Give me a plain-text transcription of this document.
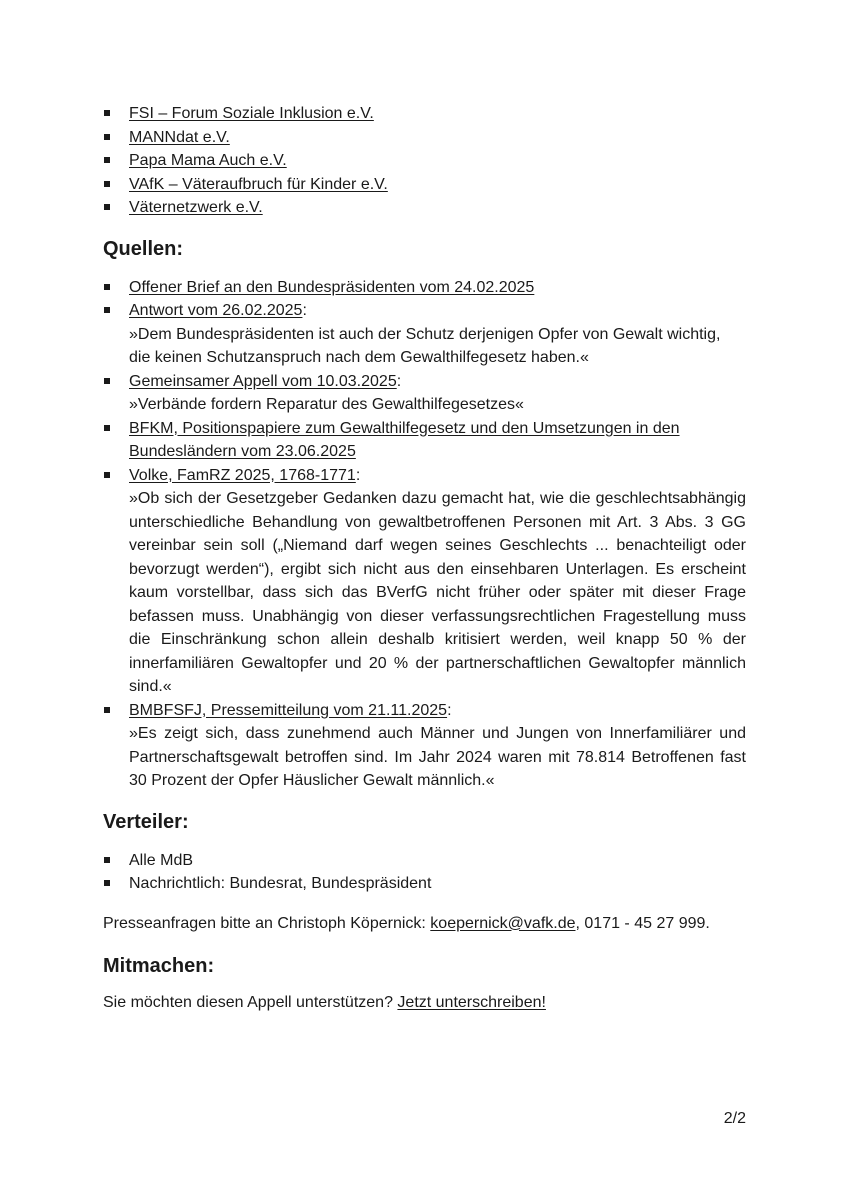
FSI – Forum Soziale Inklusion e.V.
MANNdat e.V.
Papa Mama Auch e.V.
VAfK – Väteraufbruch für Kinder e.V.
Väternetzwerk e.V.
Quellen:
Offener Brief an den Bundespräsidenten vom 24.02.2025
Antwort vom 26.02.2025:
»Dem Bundespräsidenten ist auch der Schutz derjenigen Opfer von Gewalt wichtig, die keinen Schutzanspruch nach dem Gewalthilfegesetz haben.«
Gemeinsamer Appell vom 10.03.2025:
»Verbände fordern Reparatur des Gewalthilfegesetzes«
BFKM, Positionspapiere zum Gewalthilfegesetz und den Umsetzungen in den Bundesländern vom 23.06.2025
Volke, FamRZ 2025, 1768-1771:
»Ob sich der Gesetzgeber Gedanken dazu gemacht hat, wie die geschlechtsabhängig unterschiedliche Behandlung von gewaltbetroffenen Personen mit Art. 3 Abs. 3 GG vereinbar sein soll („Niemand darf wegen seines Geschlechts ... benachteiligt oder bevorzugt werden“), ergibt sich nicht aus den einsehbaren Unterlagen. Es erscheint kaum vorstellbar, dass sich das BVerfG nicht früher oder später mit dieser Frage befassen muss. Unabhängig von dieser verfassungsrechtlichen Fragestellung muss die Einschränkung schon allein deshalb kritisiert werden, weil knapp 50 % der innerfamiliären Gewaltopfer und 20 % der partnerschaftlichen Gewaltopfer männlich sind.«
BMBFSFJ, Pressemitteilung vom 21.11.2025:
»Es zeigt sich, dass zunehmend auch Männer und Jungen von Innerfamiliärer und Partnerschaftsgewalt betroffen sind. Im Jahr 2024 waren mit 78.814 Betroffenen fast 30 Prozent der Opfer Häuslicher Gewalt männlich.«
Verteiler:
Alle MdB
Nachrichtlich: Bundesrat, Bundespräsident

Presseanfragen bitte an Christoph Köpernick: koepernick@vafk.de, 0171 - 45 27 999.

Mitmachen:

Sie möchten diesen Appell unterstützen? Jetzt unterschreiben!

2/2
